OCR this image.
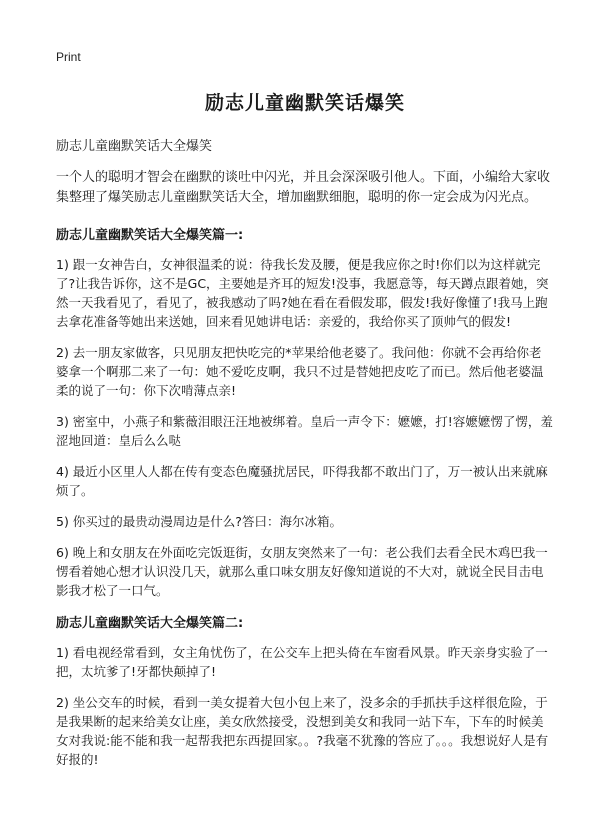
Print
励志儿童幽默笑话爆笑
励志儿童幽默笑话大全爆笑
一个人的聪明才智会在幽默的谈吐中闪光，并且会深深吸引他人。下面，小编给大家收集整理了爆笑励志儿童幽默笑话大全，增加幽默细胞，聪明的你一定会成为闪光点。
励志儿童幽默笑话大全爆笑篇一:
1) 跟一女神告白，女神很温柔的说：待我长发及腰，便是我应你之时!你们以为这样就完了?让我告诉你，这不是GC，主要她是齐耳的短发!没事，我愿意等，每天蹲点跟着她，突然一天我看见了，看见了，被我感动了吗?她在看在看假发耶，假发!我好像懂了!我马上跑去拿花准备等她出来送她，回来看见她讲电话：亲爱的，我给你买了顶帅气的假发!
2) 去一朋友家做客，只见朋友把快吃完的*苹果给他老婆了。我问他：你就不会再给你老婆拿一个啊那二来了一句：她不爱吃皮啊，我只不过是替她把皮吃了而已。然后他老婆温柔的说了一句：你下次啃薄点亲!
3) 密室中，小燕子和紫薇泪眼汪汪地被绑着。皇后一声令下：嬷嬷，打!容嬷嬷愣了愣，羞涩地回道：皇后么么哒
4) 最近小区里人人都在传有变态色魔骚扰居民，吓得我都不敢出门了，万一被认出来就麻烦了。
5) 你买过的最贵动漫周边是什么?答曰：海尔冰箱。
6) 晚上和女朋友在外面吃完饭逛街，女朋友突然来了一句：老公我们去看全民木鸡巴我一愣看着她心想才认识没几天，就那么重口味女朋友好像知道说的不大对，就说全民目击电影我才松了一口气。
励志儿童幽默笑话大全爆笑篇二:
1) 看电视经常看到，女主角忧伤了，在公交车上把头倚在车窗看风景。昨天亲身实验了一把，太坑爹了!牙都快颠掉了!
2) 坐公交车的时候，看到一美女提着大包小包上来了，没多余的手抓扶手这样很危险，于是我果断的起来给美女让座，美女欣然接受，没想到美女和我同一站下车，下车的时候美女对我说:能不能和我一起帮我把东西提回家。。?我毫不犹豫的答应了。。。我想说好人是有好报的!
